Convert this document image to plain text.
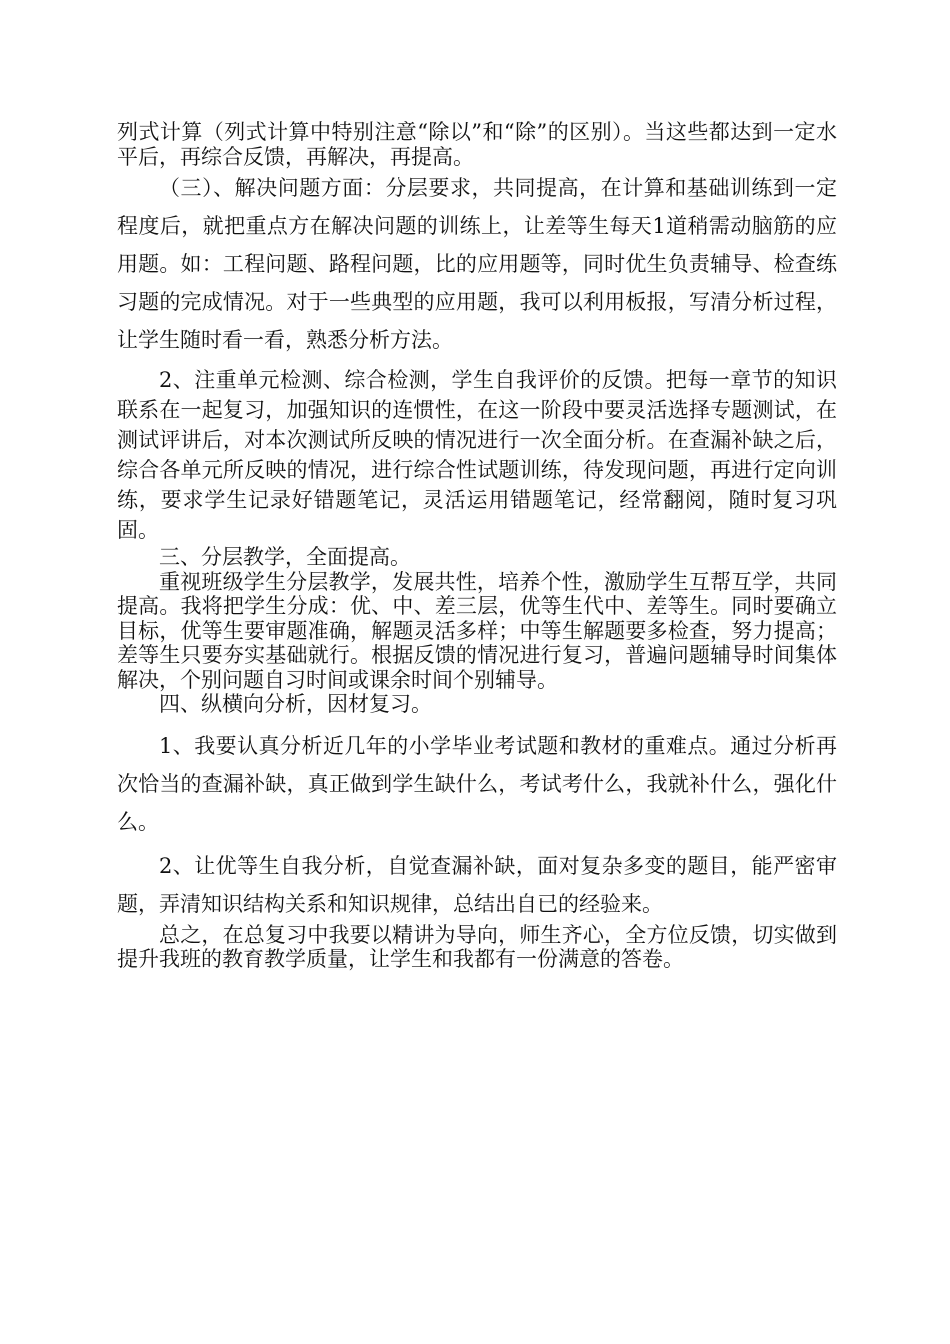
列式计算（列式计算中特别注意“除以”和“除”的区别）。当这些都达到一定水平后，再综合反馈，再解决，再提高。

（三）、解决问题方面：分层要求，共同提高，在计算和基础训练到一定程度后，就把重点方在解决问题的训练上，让差等生每天1道稍需动脑筋的应用题。如：工程问题、路程问题，比的应用题等，同时优生负责辅导、检查练习题的完成情况。对于一些典型的应用题，我可以利用板报，写清分析过程，让学生随时看一看，熟悉分析方法。

2、注重单元检测、综合检测，学生自我评价的反馈。把每一章节的知识联系在一起复习，加强知识的连惯性，在这一阶段中要灵活选择专题测试，在测试评讲后，对本次测试所反映的情况进行一次全面分析。在查漏补缺之后，综合各单元所反映的情况，进行综合性试题训练，待发现问题，再进行定向训练，要求学生记录好错题笔记，灵活运用错题笔记，经常翻阅，随时复习巩固。

三、分层教学，全面提高。

重视班级学生分层教学，发展共性，培养个性，激励学生互帮互学，共同提高。我将把学生分成：优、中、差三层，优等生代中、差等生。同时要确立目标，优等生要审题准确，解题灵活多样；中等生解题要多检查，努力提高；差等生只要夯实基础就行。根据反馈的情况进行复习，普遍问题辅导时间集体解决，个别问题自习时间或课余时间个别辅导。

四、纵横向分析，因材复习。

1、我要认真分析近几年的小学毕业考试题和教材的重难点。通过分析再次恰当的查漏补缺，真正做到学生缺什么，考试考什么，我就补什么，强化什么。

2、让优等生自我分析，自觉查漏补缺，面对复杂多变的题目，能严密审题，弄清知识结构关系和知识规律，总结出自已的经验来。

总之，在总复习中我要以精讲为导向，师生齐心，全方位反馈，切实做到提升我班的教育教学质量，让学生和我都有一份满意的答卷。
